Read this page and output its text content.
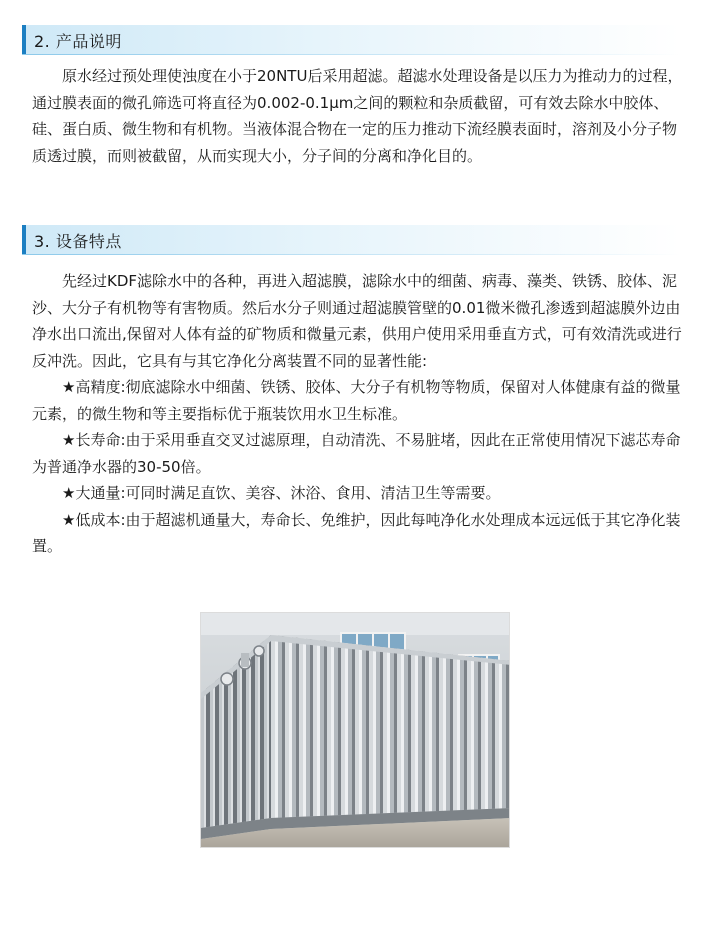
2. 产品说明

原水经过预处理使浊度在小于20NTU后采用超滤。超滤水处理设备是以压力为推动力的过程，通过膜表面的微孔筛选可将直径为0.002-0.1μm之间的颗粒和杂质截留，可有效去除水中胶体、硅、蛋白质、微生物和有机物。当液体混合物在一定的压力推动下流经膜表面时，溶剂及小分子物质透过膜，而则被截留，从而实现大小，分子间的分离和净化目的。

3. 设备特点

先经过KDF滤除水中的各种，再进入超滤膜，滤除水中的细菌、病毒、藻类、铁锈、胶体、泥沙、大分子有机物等有害物质。然后水分子则通过超滤膜管壁的0.01微米微孔渗透到超滤膜外边由净水出口流出,保留对人体有益的矿物质和微量元素，供用户使用采用垂直方式，可有效清洗或进行反冲洗。因此，它具有与其它净化分离装置不同的显著性能:

★高精度:彻底滤除水中细菌、铁锈、胶体、大分子有机物等物质，保留对人体健康有益的微量元素，的微生物和等主要指标优于瓶装饮用水卫生标准。

★长寿命:由于采用垂直交叉过滤原理，自动清洗、不易脏堵，因此在正常使用情况下滤芯寿命为普通净水器的30-50倍。

★大通量:可同时满足直饮、美容、沐浴、食用、清洁卫生等需要。

★低成本:由于超滤机通量大，寿命长、免维护，因此每吨净化水处理成本远远低于其它净化装置。
